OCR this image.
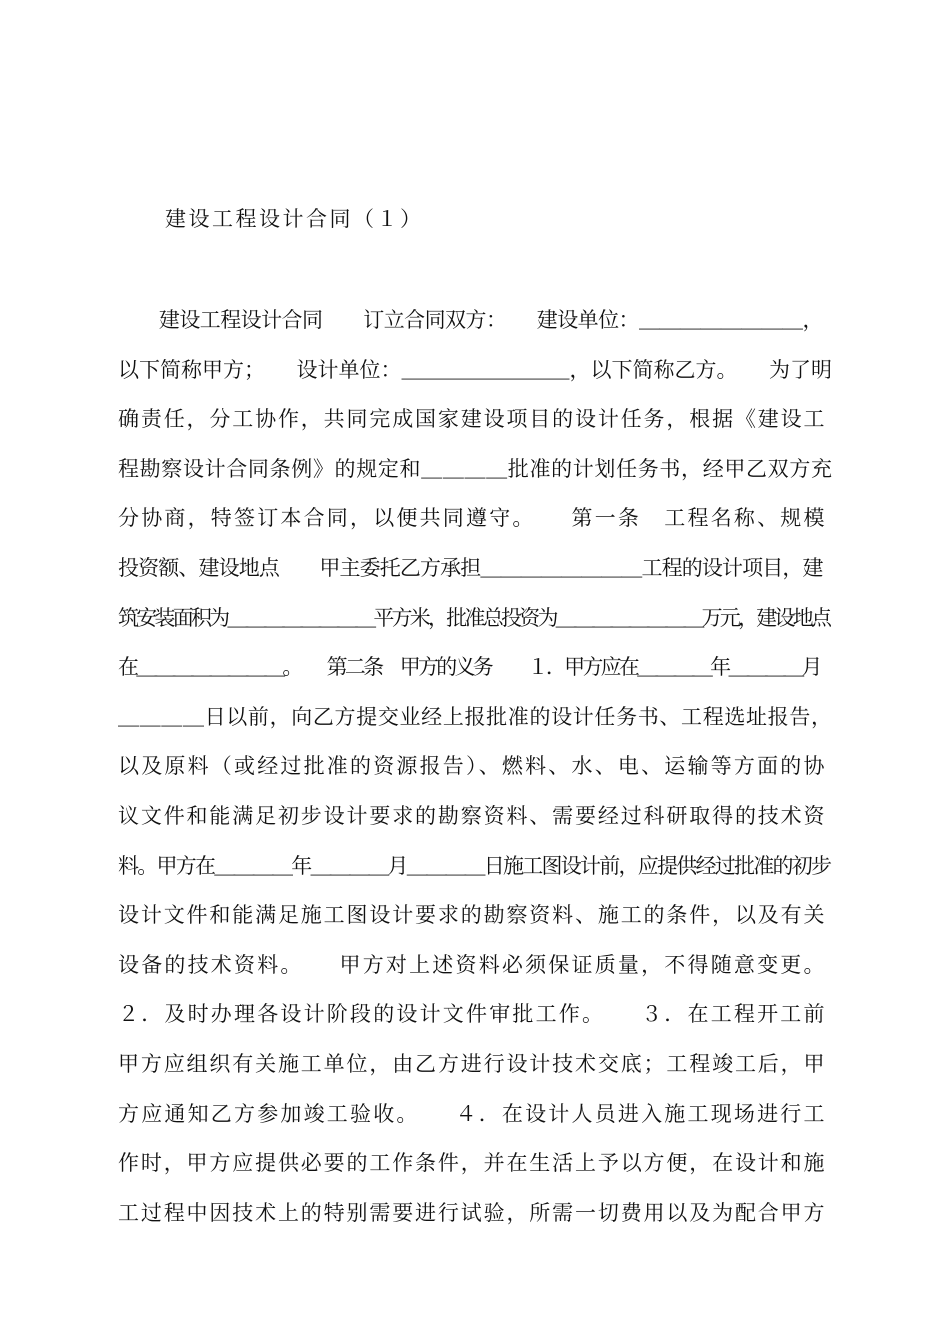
建设工程设计合同（１）
　　建设工程设计合同　　订立合同双方：　　建设单位：＿＿＿＿＿＿＿＿，
以下简称甲方；　　设计单位：＿＿＿＿＿＿＿＿，以下简称乙方。　　为了明
确责任，分工协作，共同完成国家建设项目的设计任务，根据《建设工
程勘察设计合同条例》的规定和＿＿＿＿批准的计划任务书，经甲乙双方充
分协商，特签订本合同，以便共同遵守。　　第一条　工程名称、规模
投资额、建设地点　　甲主委托乙方承担＿＿＿＿＿＿＿＿工程的设计项目，建
筑安装面积为＿＿＿＿＿＿＿＿平方米，批准总投资为＿＿＿＿＿＿＿＿万元，建设地点
在＿＿＿＿＿＿＿＿。　　第二条　甲方的义务　　１．甲方应在＿＿＿＿年＿＿＿＿月
＿＿＿＿日以前，向乙方提交业经上报批准的设计任务书、工程选址报告，
以及原料（或经过批准的资源报告）、燃料、水、电、运输等方面的协
议文件和能满足初步设计要求的勘察资料、需要经过科研取得的技术资
料。甲方在＿＿＿＿年＿＿＿＿月＿＿＿＿日施工图设计前，应提供经过批准的初步
设计文件和能满足施工图设计要求的勘察资料、施工的条件，以及有关
设备的技术资料。　　甲方对上述资料必须保证质量，不得随意变更。
２．及时办理各设计阶段的设计文件审批工作。　　３．在工程开工前
甲方应组织有关施工单位，由乙方进行设计技术交底；工程竣工后，甲
方应通知乙方参加竣工验收。　　４．在设计人员进入施工现场进行工
作时，甲方应提供必要的工作条件，并在生活上予以方便，在设计和施
工过程中因技术上的特别需要进行试验，所需一切费用以及为配合甲方
